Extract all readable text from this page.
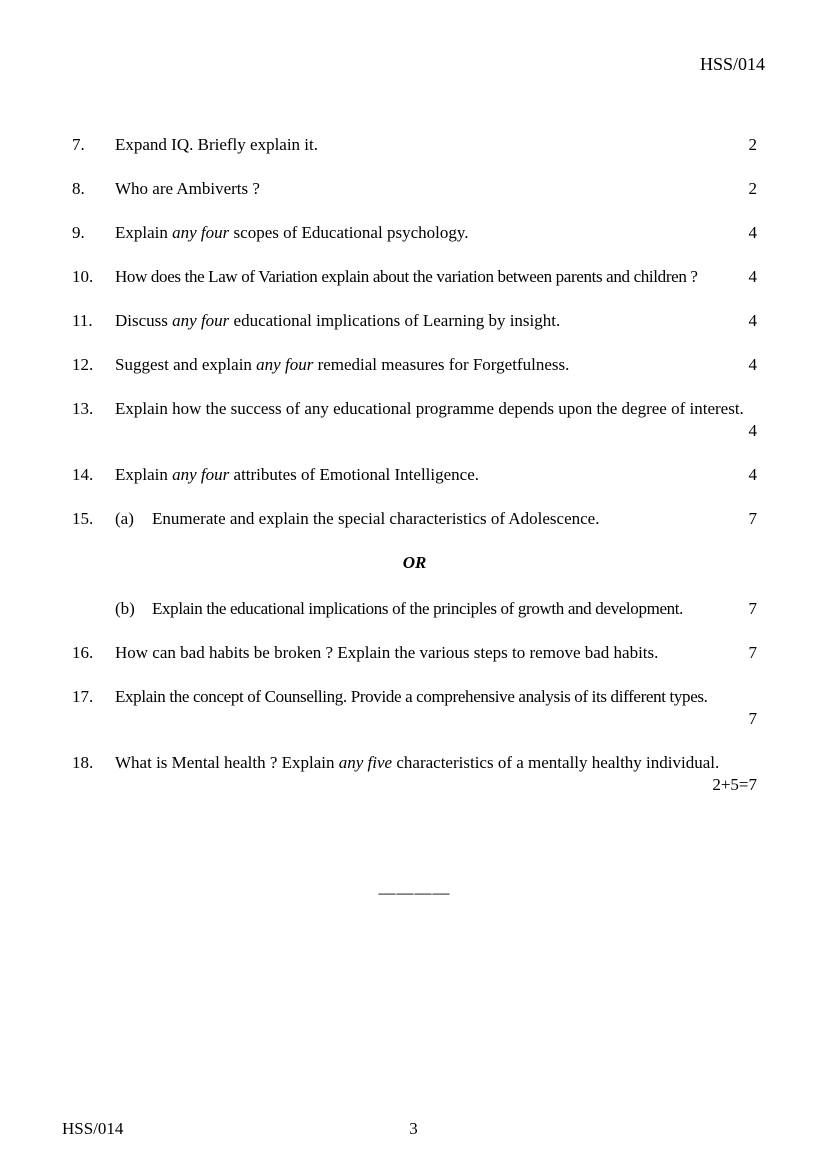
HSS/014
7.	Expand IQ. Briefly explain it.	2
8.	Who are Ambiverts ?	2
9.	Explain any four scopes of Educational psychology.	4
10.	How does the Law of Variation explain about the variation between parents and children ?	4
11.	Discuss any four educational implications of Learning by insight.	4
12.	Suggest and explain any four remedial measures for Forgetfulness.	4
13.	Explain how the success of any educational programme depends upon the degree of interest.
4
14.	Explain any four attributes of Emotional Intelligence.	4
15.	(a)	Enumerate and explain the special characteristics of Adolescence.	7
OR
(b)	Explain the educational implications of the principles of growth and development.	7
16.	How can bad habits be broken ? Explain the various steps to remove bad habits.	7
17.	Explain the concept of Counselling. Provide a comprehensive analysis of its different types.
7
18.	What is Mental health ? Explain any five characteristics of a mentally healthy individual.
2+5=7
————
HSS/014	3
